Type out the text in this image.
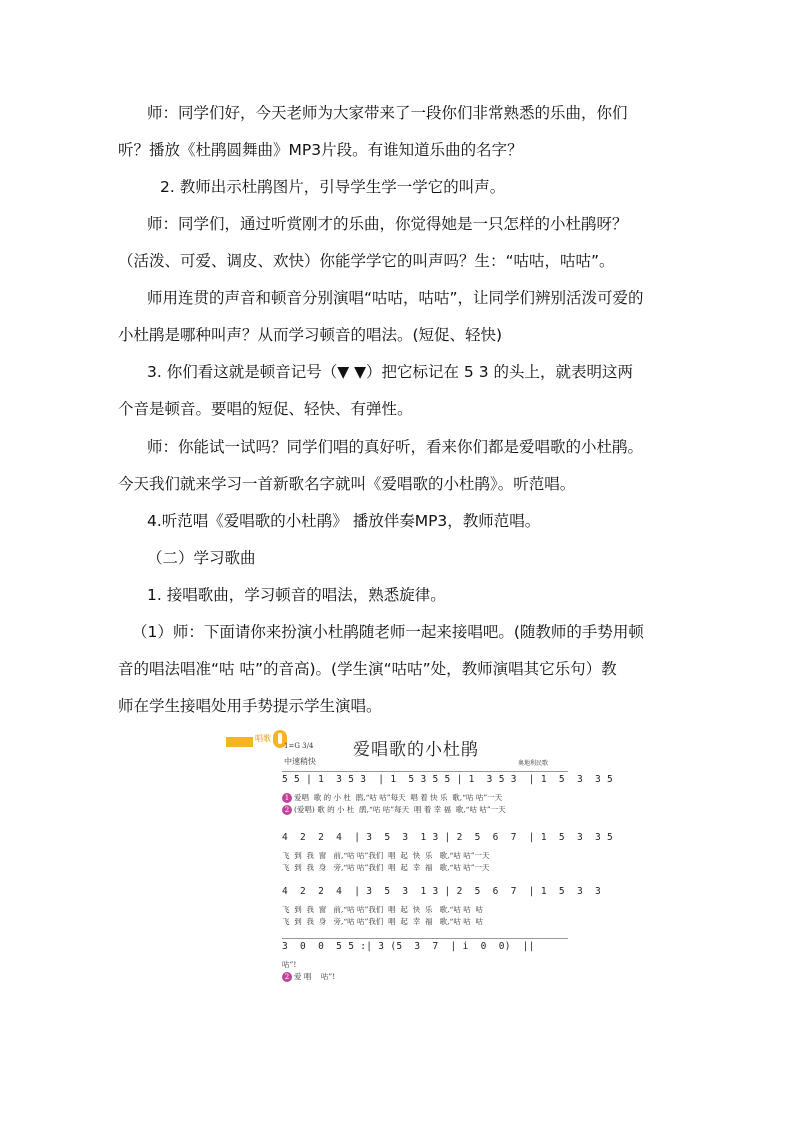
师：同学们好，今天老师为大家带来了一段你们非常熟悉的乐曲，你们
听？播放《杜鹃圆舞曲》MP3片段。有谁知道乐曲的名字？
2. 教师出示杜鹃图片，引导学生学一学它的叫声。
师：同学们，通过听赏刚才的乐曲，你觉得她是一只怎样的小杜鹃呀？
（活泼、可爱、调皮、欢快）你能学学它的叫声吗？生：“咕咕，咕咕”。
师用连贯的声音和顿音分别演唱“咕咕，咕咕”，让同学们辨别活泼可爱的
小杜鹃是哪种叫声？从而学习顿音的唱法。(短促、轻快)
3. 你们看这就是顿音记号（▼ ▼）把它标记在 5 3 的头上，就表明这两
个音是顿音。要唱的短促、轻快、有弹性。
师：你能试一试吗？同学们唱的真好听，看来你们都是爱唱歌的小杜鹃。
今天我们就来学习一首新歌名字就叫《爱唱歌的小杜鹃》。听范唱。
4.听范唱《爱唱歌的小杜鹃》 播放伴奏MP3，教师范唱。
（二）学习歌曲
1. 接唱歌曲，学习顿音的唱法，熟悉旋律。
（1）师：下面请你来扮演小杜鹃随老师一起来接唱吧。(随教师的手势用顿
音的唱法唱准“咕 咕”的音高)。(学生演“咕咕”处，教师演唱其它乐句）教
师在学生接唱处用手势提示学生演唱。
唱歌
1=G 3/4
中速稍快
爱唱歌的小杜鹃
奥地利民歌
5 5 | 1  3 5 3  | 1  5 3 5 5 | 1  3 5 3  | 1  5  3  3 5
1 爱唱  歌 的 小 杜  鹃,“咕 咕”每天  唱 着 快 乐  歌,“咕 咕”一天
2 (爱唱) 歌 的 小 杜  鹃,“咕 咕”每天  唱 着 幸 福  歌,“咕 咕”一天
4  2  2  4  | 3  5  3  1 3 | 2  5  6  7  | 1  5  3  3 5
飞  到  我  窗   前,“咕 咕”我们  唱  起  快  乐   歌,“咕 咕”一天
飞  到  我  身   旁,“咕 咕”我们  唱  起  幸  福   歌,“咕 咕”一天
4  2  2  4  | 3  5  3  1 3 | 2  5  6  7  | 1  5  3  3
飞  到  我  窗   前,“咕 咕”我们  唱  起  快  乐   歌,“咕 咕  咕
飞  到  我  身   旁,“咕 咕”我们  唱  起  幸  福   歌,“咕 咕  咕
3  0  0  5 5 :| 3 (5  3  7  | i  0  0)  ||
咕”!
2 爱 唱    咕”!
